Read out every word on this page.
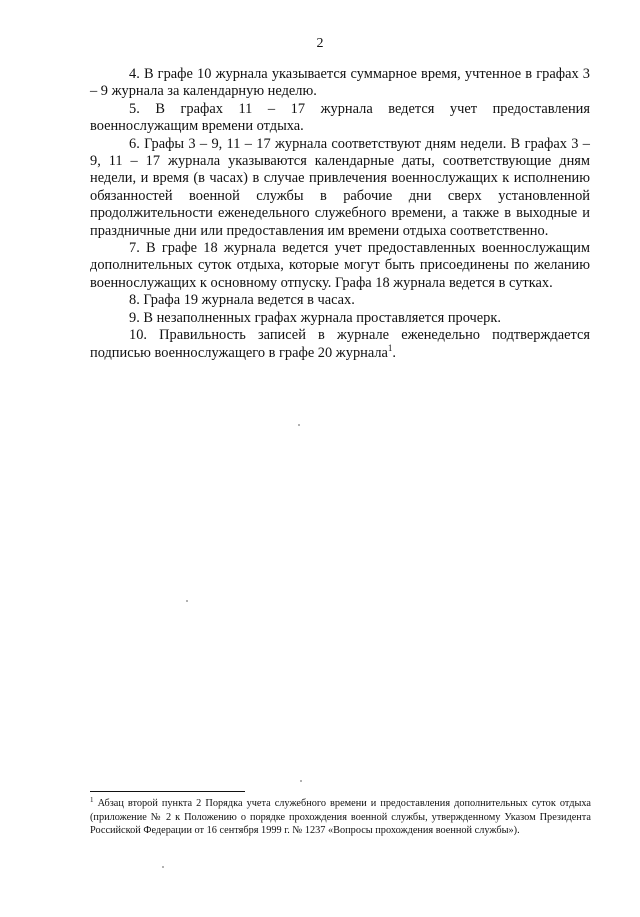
2

4. В графе 10 журнала указывается суммарное время, учтенное в графах 3 – 9 журнала за календарную неделю.

5. В графах 11 – 17 журнала ведется учет предоставления военнослужащим времени отдыха.

6. Графы 3 – 9, 11 – 17 журнала соответствуют дням недели. В графах 3 – 9, 11 – 17 журнала указываются календарные даты, соответствующие дням недели, и время (в часах) в случае привлечения военнослужащих к исполнению обязанностей военной службы в рабочие дни сверх установленной продолжительности еженедельного служебного времени, а также в выходные и праздничные дни или предоставления им времени отдыха соответственно.

7. В графе 18 журнала ведется учет предоставленных военнослужащим дополнительных суток отдыха, которые могут быть присоединены по желанию военнослужащих к основному отпуску. Графа 18 журнала ведется в сутках.

8. Графа 19 журнала ведется в часах.

9. В незаполненных графах журнала проставляется прочерк.

10. Правильность записей в журнале еженедельно подтверждается подписью военнослужащего в графе 20 журнала$^1$.

$^1$ Абзац второй пункта 2 Порядка учета служебного времени и предоставления дополнительных суток отдыха (приложение № 2 к Положению о порядке прохождения военной службы, утвержденному Указом Президента Российской Федерации от 16 сентября 1999 г. № 1237 «Вопросы прохождения военной службы»).
